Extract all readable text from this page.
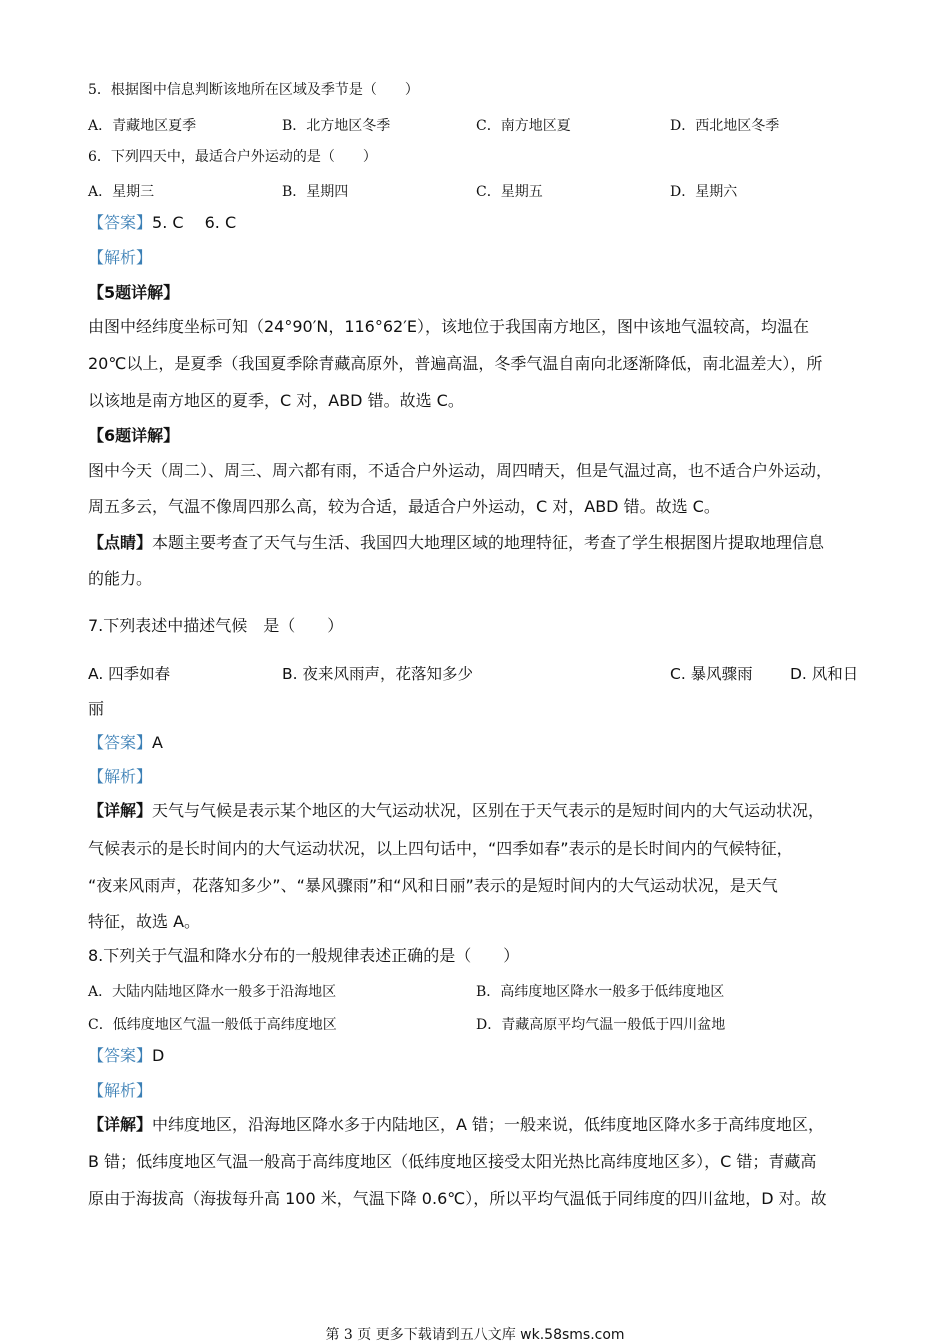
5．根据图中信息判断该地所在区域及季节是（　　）
A．青藏地区夏季	B．北方地区冬季	C．南方地区夏	D．西北地区冬季
6．下列四天中，最适合户外运动的是（　　）
A．星期三	B．星期四	C．星期五	D．星期六
【答案】5. C　 6. C
【解析】
【5题详解】
由图中经纬度坐标可知（24°90′N，116°62′E），该地位于我国南方地区，图中该地气温较高，均温在
20℃以上，是夏季（我国夏季除青藏高原外，普遍高温，冬季气温自南向北逐渐降低，南北温差大），所
以该地是南方地区的夏季，C 对，ABD 错。故选 C。
【6题详解】
图中今天（周二）、周三、周六都有雨，不适合户外运动，周四晴天，但是气温过高，也不适合户外运动，
周五多云，气温不像周四那么高，较为合适，最适合户外运动，C 对，ABD 错。故选 C。
【点睛】本题主要考查了天气与生活、我国四大地理区域的地理特征，考查了学生根据图片提取地理信息
的能力。
7.下列表述中描述气候　是（　　）
A. 四季如春	B. 夜来风雨声，花落知多少	C. 暴风骤雨 D. 风和日
丽
【答案】A
【解析】
【详解】天气与气候是表示某个地区的大气运动状况，区别在于天气表示的是短时间内的大气运动状况，
气候表示的是长时间内的大气运动状况，以上四句话中，“四季如春”表示的是长时间内的气候特征，
“夜来风雨声，花落知多少”、“暴风骤雨”和“风和日丽”表示的是短时间内的大气运动状况，是天气
特征，故选 A。
8.下列关于气温和降水分布的一般规律表述正确的是（　　）
A．大陆内陆地区降水一般多于沿海地区	B．高纬度地区降水一般多于低纬度地区
C．低纬度地区气温一般低于高纬度地区	D．青藏高原平均气温一般低于四川盆地
【答案】D
【解析】
【详解】中纬度地区，沿海地区降水多于内陆地区，A 错；一般来说，低纬度地区降水多于高纬度地区，
B 错；低纬度地区气温一般高于高纬度地区（低纬度地区接受太阳光热比高纬度地区多），C 错；青藏高
原由于海拔高（海拔每升高 100 米，气温下降 0.6℃），所以平均气温低于同纬度的四川盆地，D 对。故
第 3 页 更多下载请到五八文库 wk.58sms.com
